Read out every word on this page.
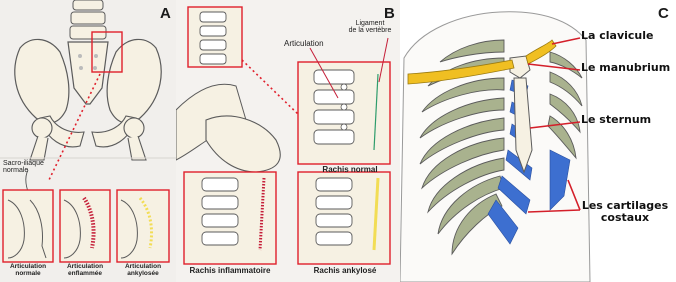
A
Sacro-iliaque
normale
Articulation
normale
Articulation
enflammée
Articulation
ankylosée
B
Articulation
Ligament
de la vertèbre
Rachis normal
Rachis inflammatoire	Rachis ankylosé
C
La clavicule
Le manubrium
Le sternum
Les cartilages
costaux
